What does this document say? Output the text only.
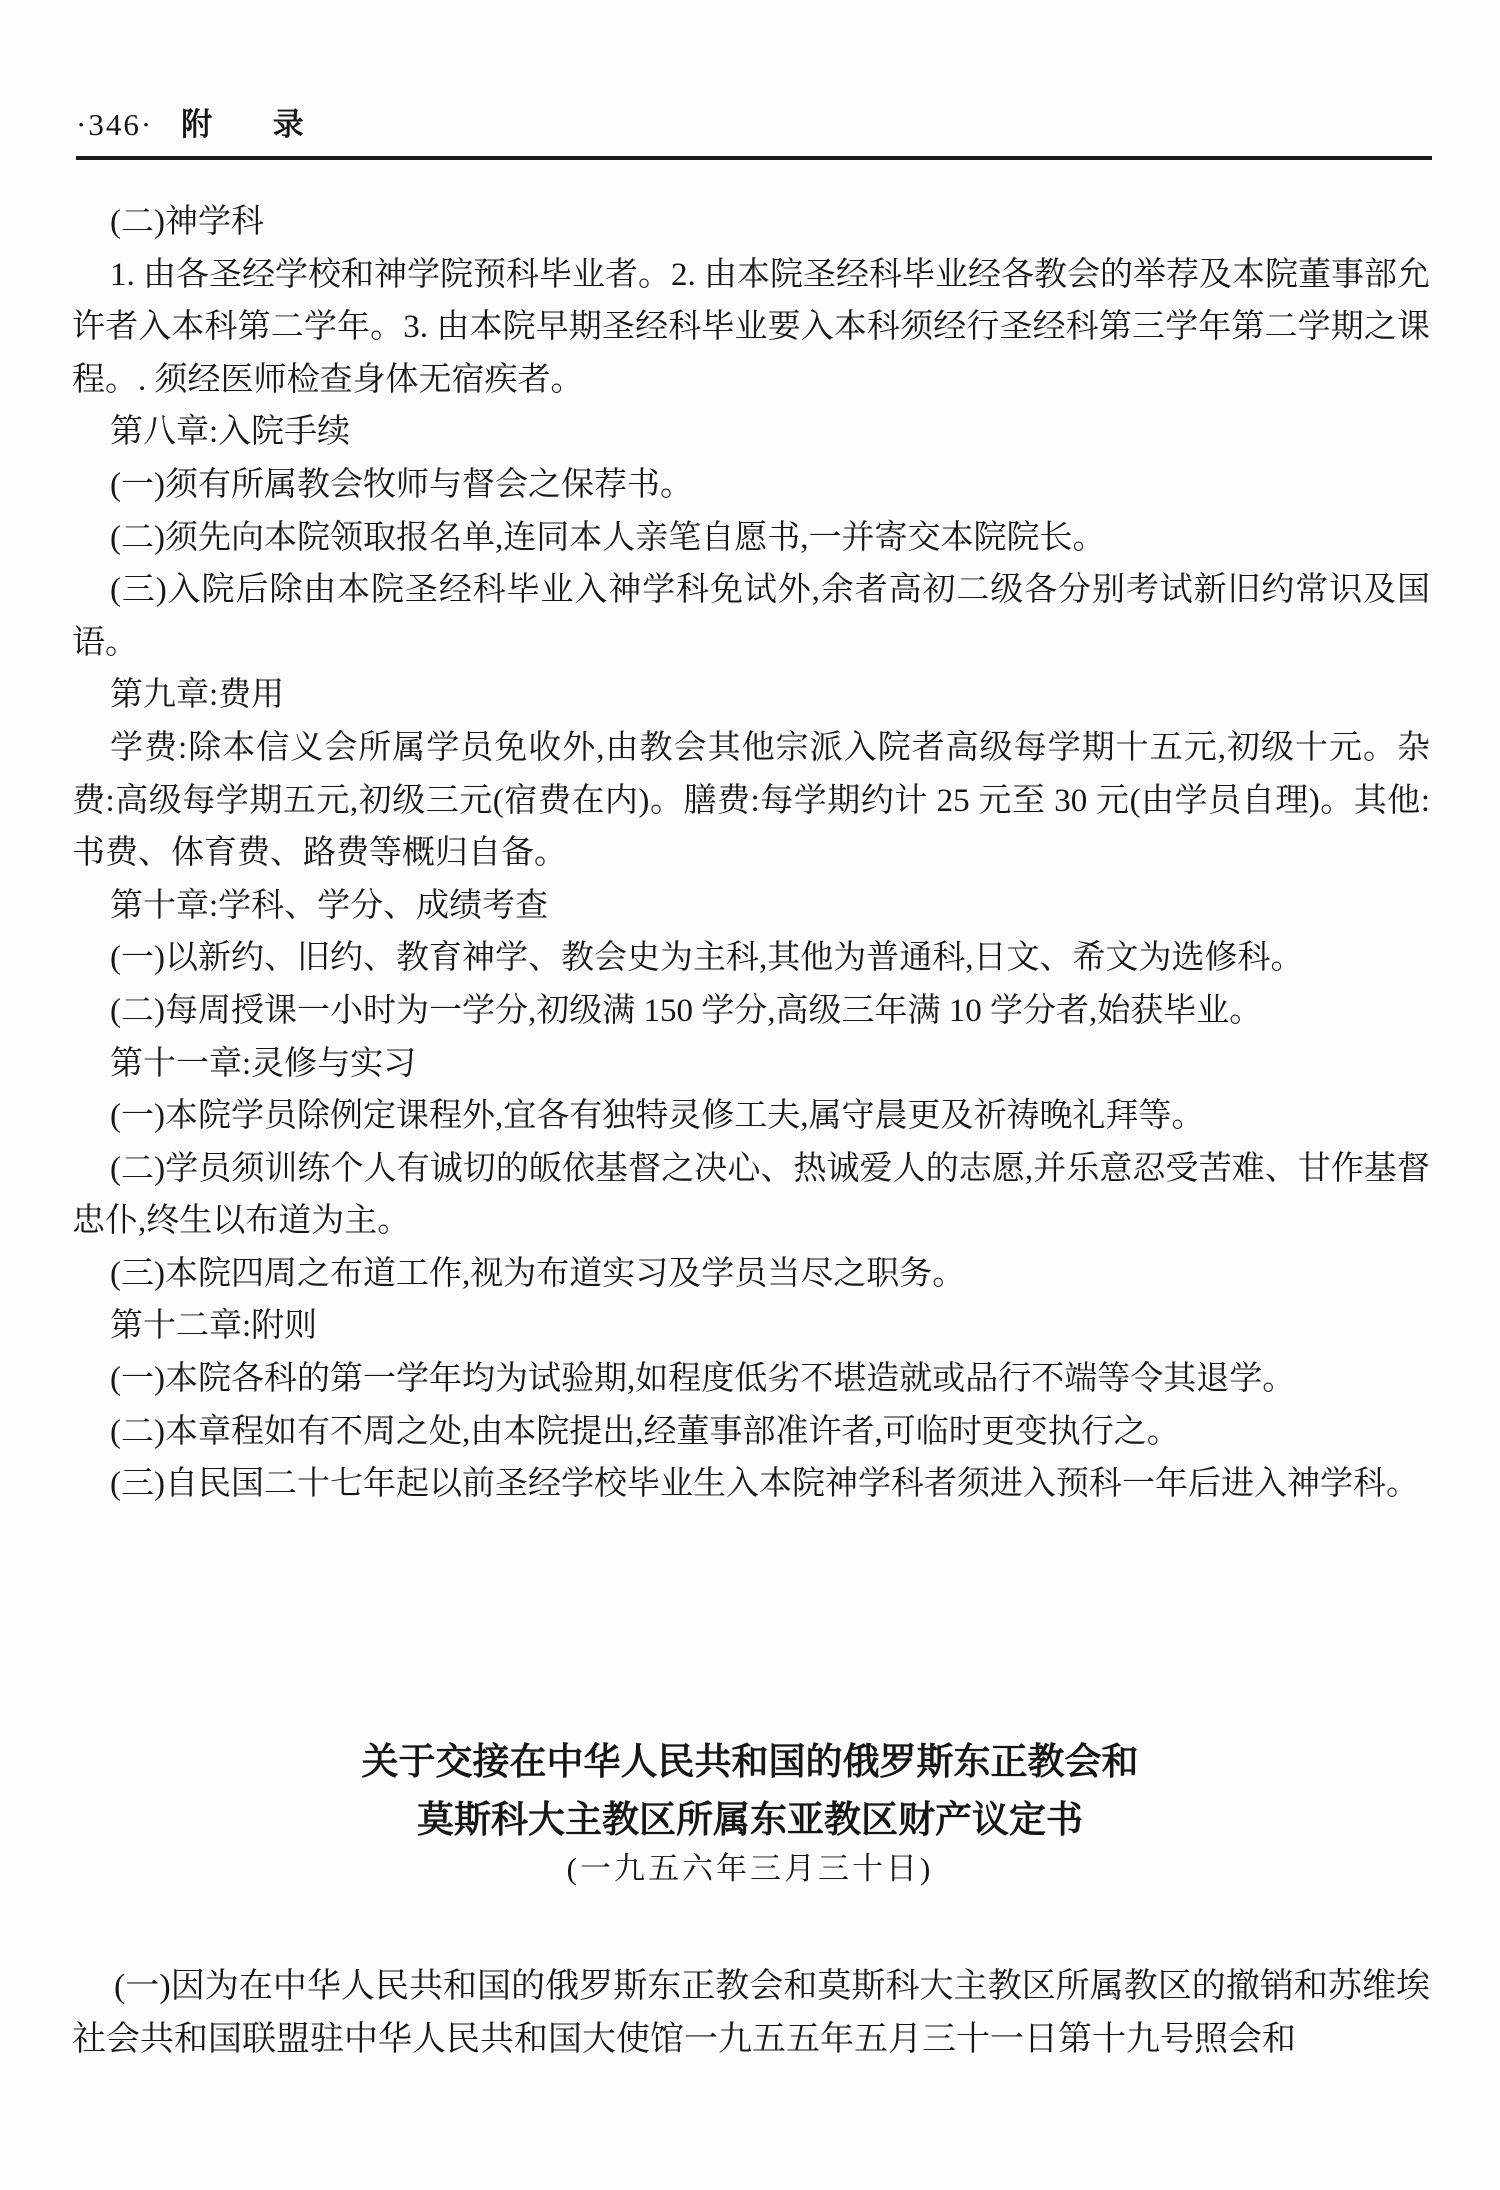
·346· 附 录

(二)神学科

1. 由各圣经学校和神学院预科毕业者。2. 由本院圣经科毕业经各教会的举荐及本院董事部允许者入本科第二学年。3. 由本院早期圣经科毕业要入本科须经行圣经科第三学年第二学期之课程。. 须经医师检查身体无宿疾者。

第八章:入院手续

(一)须有所属教会牧师与督会之保荐书。

(二)须先向本院领取报名单,连同本人亲笔自愿书,一并寄交本院院长。

(三)入院后除由本院圣经科毕业入神学科免试外,余者高初二级各分别考试新旧约常识及国语。

第九章:费用

学费:除本信义会所属学员免收外,由教会其他宗派入院者高级每学期十五元,初级十元。杂费:高级每学期五元,初级三元(宿费在内)。膳费:每学期约计 25 元至 30 元(由学员自理)。其他:书费、体育费、路费等概归自备。

第十章:学科、学分、成绩考查

(一)以新约、旧约、教育神学、教会史为主科,其他为普通科,日文、希文为选修科。

(二)每周授课一小时为一学分,初级满 150 学分,高级三年满 10 学分者,始获毕业。

第十一章:灵修与实习

(一)本院学员除例定课程外,宜各有独特灵修工夫,属守晨更及祈祷晚礼拜等。

(二)学员须训练个人有诚切的皈依基督之决心、热诚爱人的志愿,并乐意忍受苦难、甘作基督忠仆,终生以布道为主。

(三)本院四周之布道工作,视为布道实习及学员当尽之职务。

第十二章:附则

(一)本院各科的第一学年均为试验期,如程度低劣不堪造就或品行不端等令其退学。

(二)本章程如有不周之处,由本院提出,经董事部准许者,可临时更变执行之。

(三)自民国二十七年起以前圣经学校毕业生入本院神学科者须进入预科一年后进入神学科。

关于交接在中华人民共和国的俄罗斯东正教会和
莫斯科大主教区所属东亚教区财产议定书
(一九五六年三月三十日)

(一)因为在中华人民共和国的俄罗斯东正教会和莫斯科大主教区所属教区的撤销和苏维埃社会共和国联盟驻中华人民共和国大使馆一九五五年五月三十一日第十九号照会和
